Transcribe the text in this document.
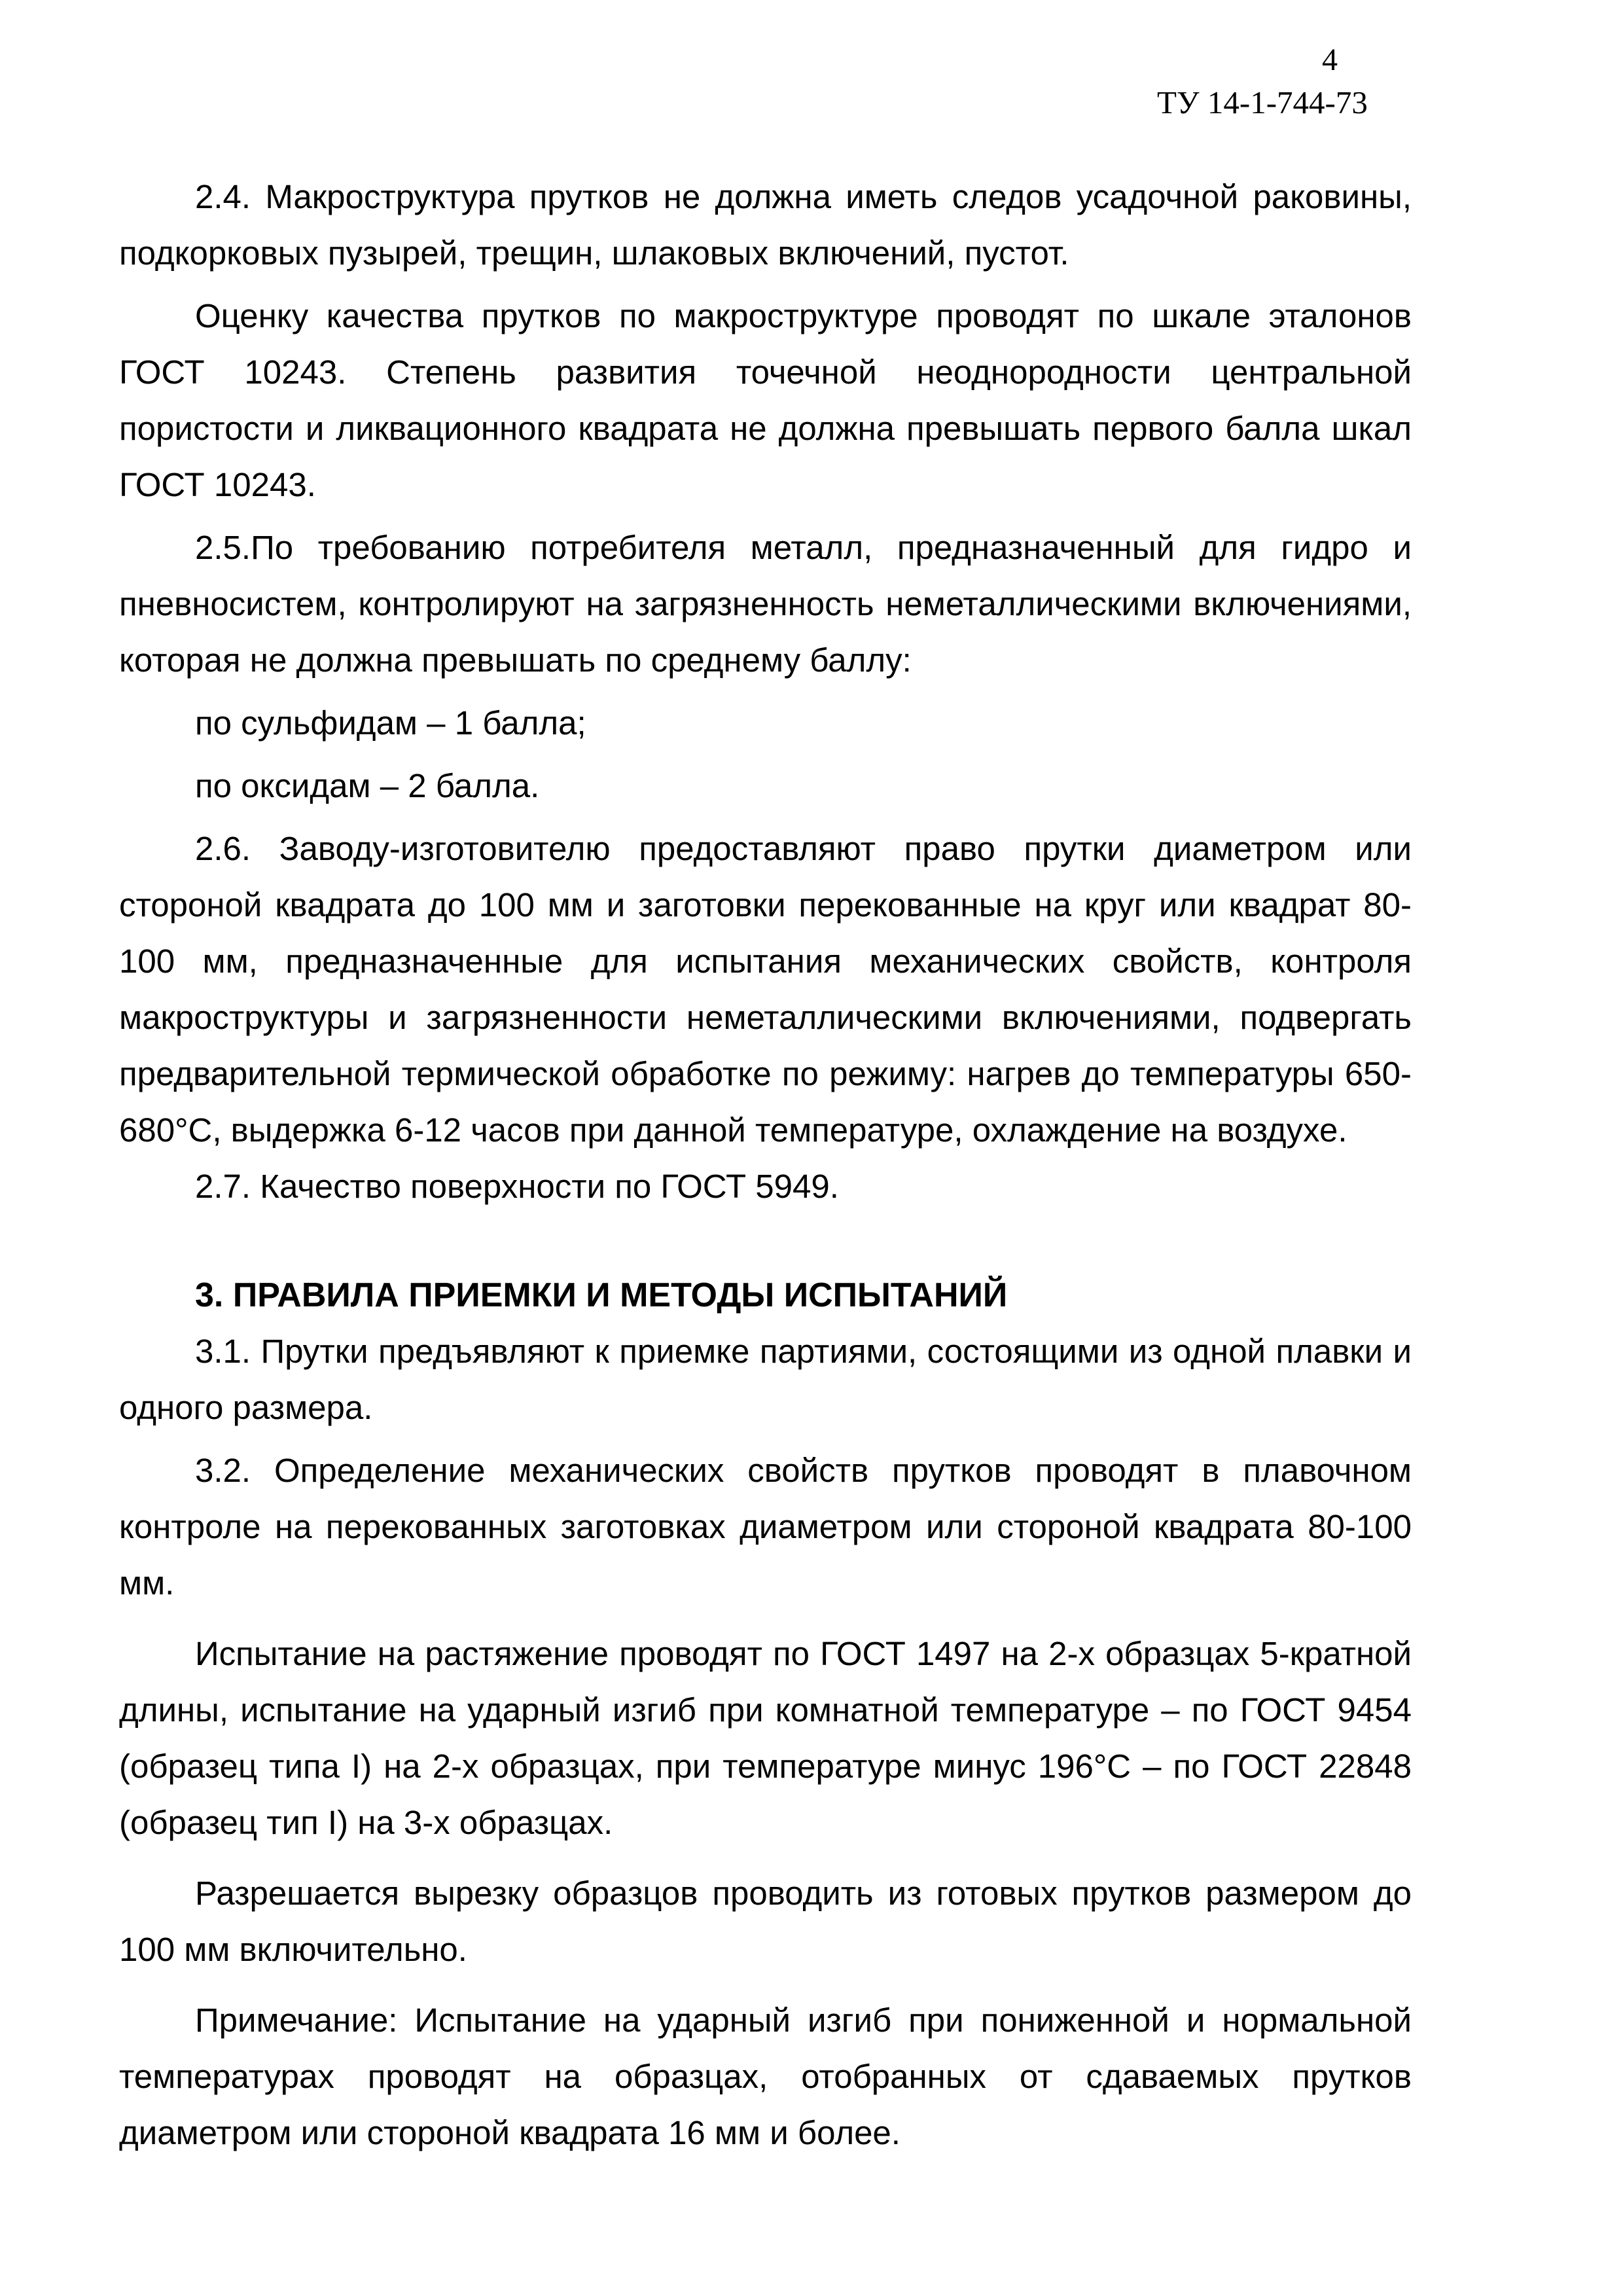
4
ТУ 14-1-744-73

2.4. Макроструктура прутков не должна иметь следов усадочной раковины, подкорковых пузырей, трещин, шлаковых включений, пустот.

Оценку качества прутков по макроструктуре проводят по шкале эталонов ГОСТ 10243. Степень развития точечной неоднородности центральной пористости и ликвационного квадрата не должна превышать первого балла шкал ГОСТ 10243.

2.5.По требованию потребителя металл, предназначенный для гидро и пневносистем, контролируют на загрязненность неметаллическими включениями, которая не должна превышать по среднему баллу:

по сульфидам – 1 балла;

по оксидам – 2 балла.

2.6. Заводу-изготовителю предоставляют право прутки диаметром или стороной квадрата до 100 мм и заготовки перекованные на круг или квадрат 80-100 мм, предназначенные для испытания механических свойств, контроля макроструктуры и загрязненности неметаллическими включениями, подвергать предварительной термической обработке по режиму: нагрев до температуры 650-680°С, выдержка 6-12 часов при данной температуре, охлаждение на воздухе.

2.7. Качество поверхности по ГОСТ 5949.

3. ПРАВИЛА ПРИЕМКИ И МЕТОДЫ ИСПЫТАНИЙ

3.1. Прутки предъявляют к приемке партиями, состоящими из одной плавки и одного размера.

3.2. Определение механических свойств прутков проводят в плавочном контроле на перекованных заготовках диаметром или стороной квадрата 80-100 мм.

Испытание на растяжение проводят по ГОСТ 1497 на 2-х образцах 5-кратной длины, испытание на ударный изгиб при комнатной температуре – по ГОСТ 9454 (образец типа I) на 2-х образцах, при температуре минус 196°С – по ГОСТ 22848 (образец тип I) на 3-х образцах.

Разрешается вырезку образцов проводить из готовых прутков размером до 100 мм включительно.

Примечание: Испытание на ударный изгиб при пониженной и нормальной температурах проводят на образцах, отобранных от сдаваемых прутков диаметром или стороной квадрата 16 мм и более.
